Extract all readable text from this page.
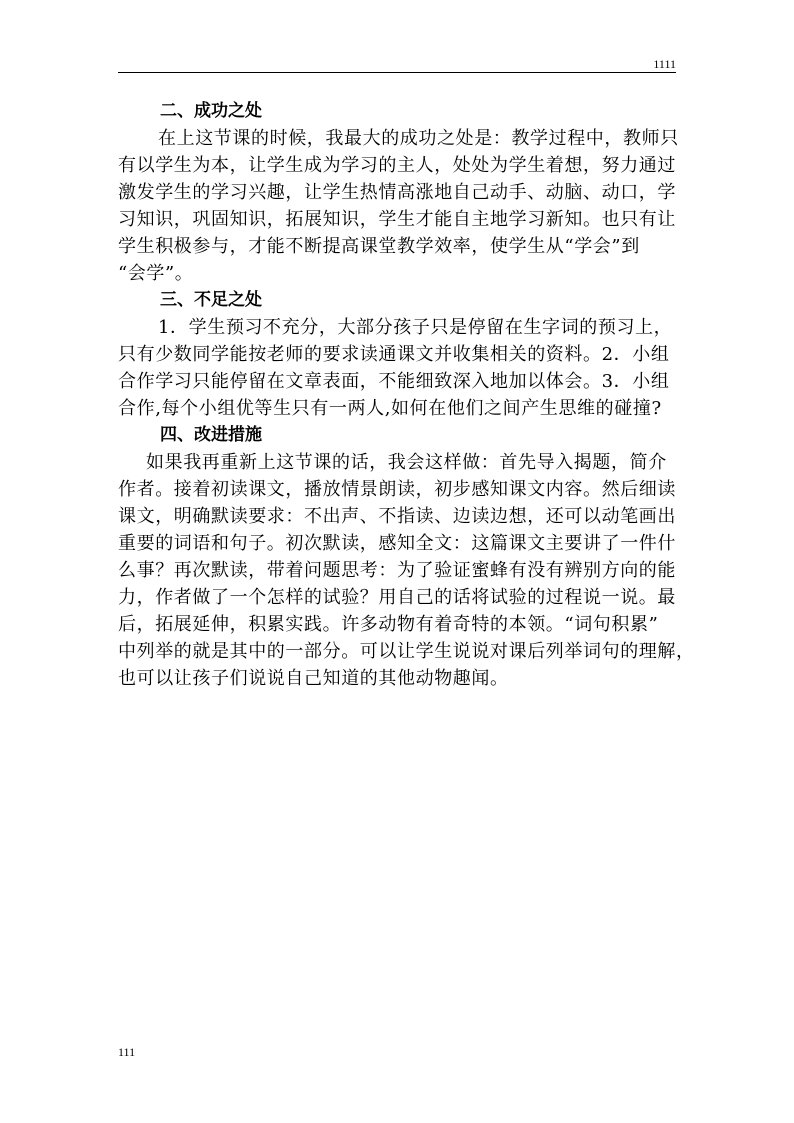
1111
二、成功之处
在上这节课的时候，我最大的成功之处是：教学过程中，教师只
有以学生为本，让学生成为学习的主人，处处为学生着想，努力通过
激发学生的学习兴趣，让学生热情高涨地自己动手、动脑、动口，学
习知识，巩固知识，拓展知识，学生才能自主地学习新知。也只有让
学生积极参与，才能不断提高课堂教学效率，使学生从“学会”到
“会学”。
三、不足之处
1．学生预习不充分，大部分孩子只是停留在生字词的预习上，
只有少数同学能按老师的要求读通课文并收集相关的资料。2．小组
合作学习只能停留在文章表面，不能细致深入地加以体会。3．小组
合作,每个小组优等生只有一两人,如何在他们之间产生思维的碰撞?
四、改进措施
如果我再重新上这节课的话，我会这样做：首先导入揭题，简介
作者。接着初读课文，播放情景朗读，初步感知课文内容。然后细读
课文，明确默读要求：不出声、不指读、边读边想，还可以动笔画出
重要的词语和句子。初次默读，感知全文：这篇课文主要讲了一件什
么事？再次默读，带着问题思考：为了验证蜜蜂有没有辨别方向的能
力，作者做了一个怎样的试验？用自己的话将试验的过程说一说。最
后，拓展延伸，积累实践。许多动物有着奇特的本领。“词句积累”
中列举的就是其中的一部分。可以让学生说说对课后列举词句的理解，
也可以让孩子们说说自己知道的其他动物趣闻。
111
